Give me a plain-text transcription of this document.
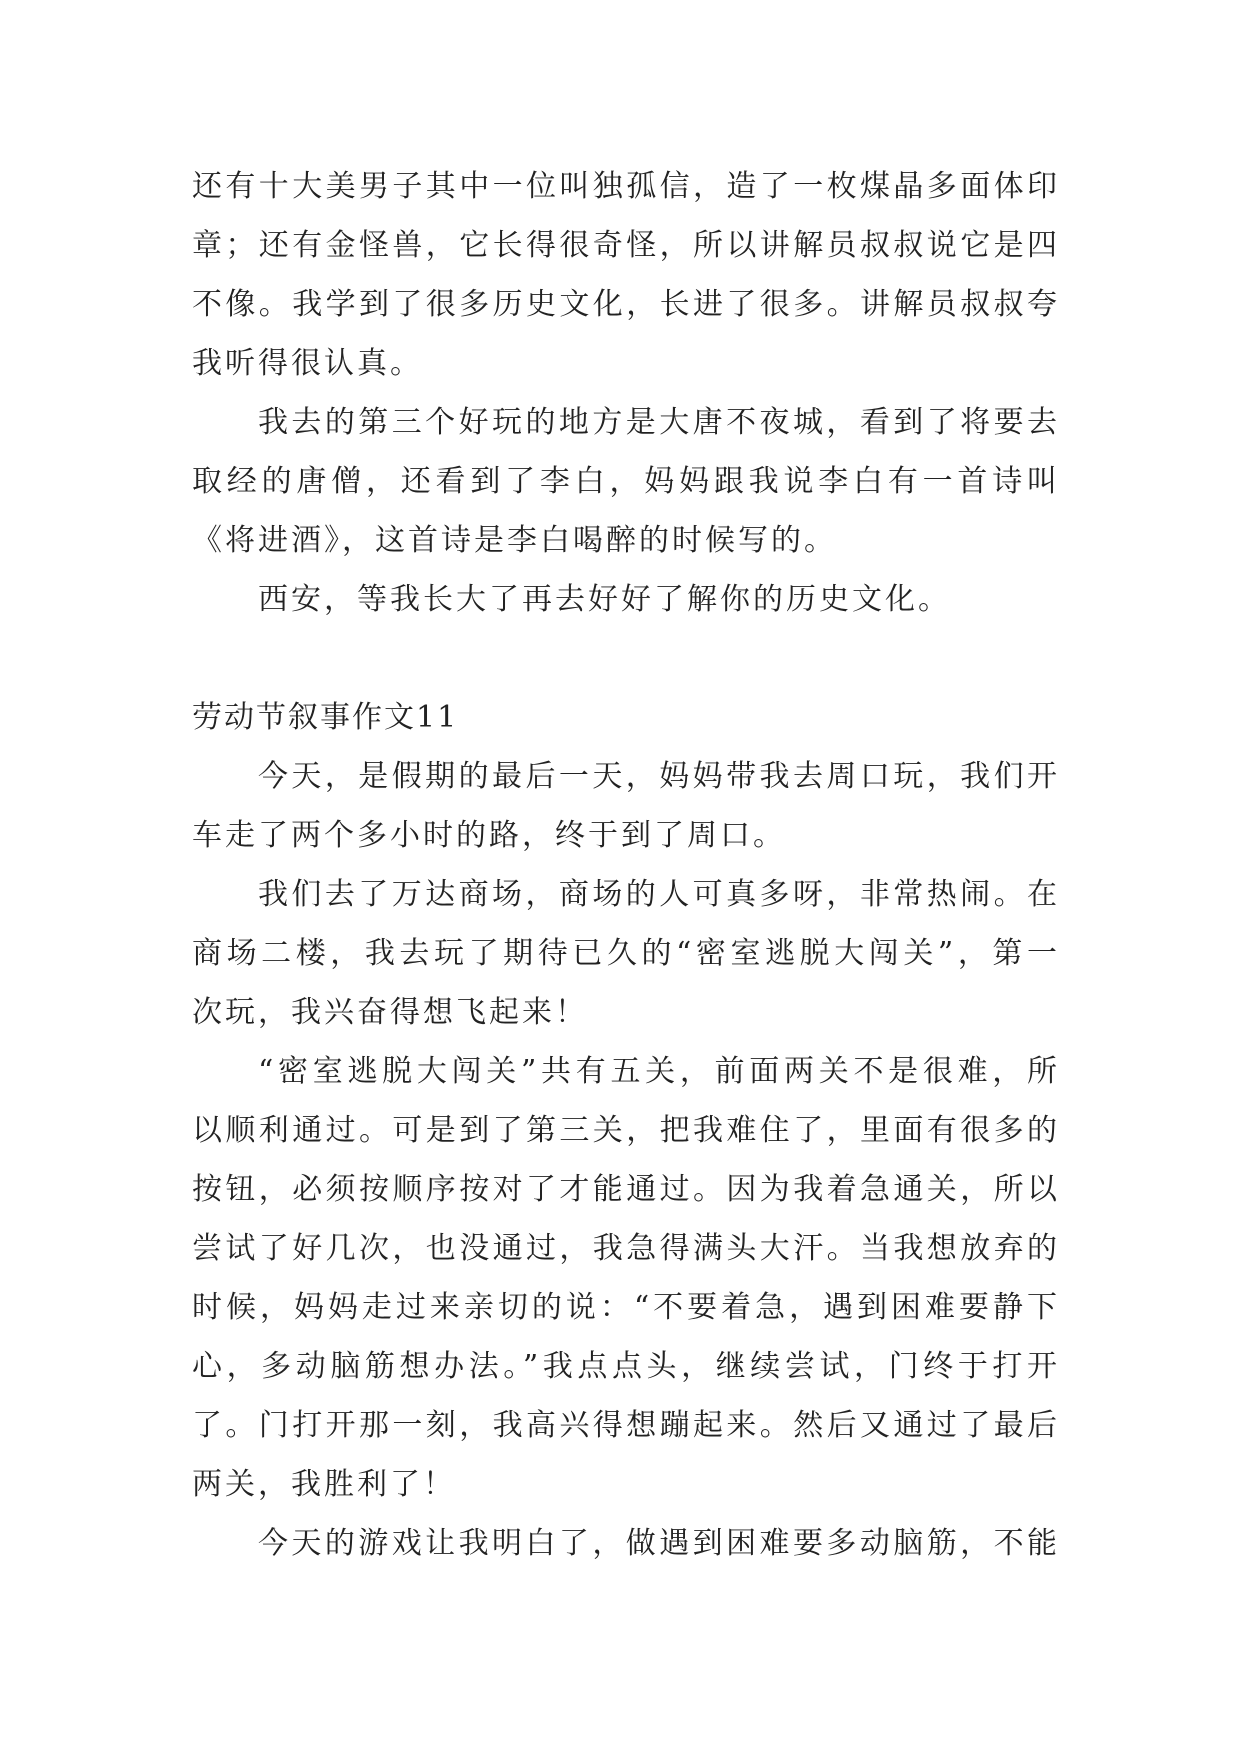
还有十大美男子其中一位叫独孤信，造了一枚煤晶多面体印
章；还有金怪兽，它长得很奇怪，所以讲解员叔叔说它是四
不像。我学到了很多历史文化，长进了很多。讲解员叔叔夸
我听得很认真。
我去的第三个好玩的地方是大唐不夜城，看到了将要去
取经的唐僧，还看到了李白，妈妈跟我说李白有一首诗叫
《将进酒》，这首诗是李白喝醉的时候写的。
西安，等我长大了再去好好了解你的历史文化。
劳动节叙事作文11
今天，是假期的最后一天，妈妈带我去周口玩，我们开
车走了两个多小时的路，终于到了周口。
我们去了万达商场，商场的人可真多呀，非常热闹。在
商场二楼，我去玩了期待已久的“密室逃脱大闯关”，第一
次玩，我兴奋得想飞起来！
“密室逃脱大闯关”共有五关，前面两关不是很难，所
以顺利通过。可是到了第三关，把我难住了，里面有很多的
按钮，必须按顺序按对了才能通过。因为我着急通关，所以
尝试了好几次，也没通过，我急得满头大汗。当我想放弃的
时候，妈妈走过来亲切的说：“不要着急，遇到困难要静下
心，多动脑筋想办法。”我点点头，继续尝试，门终于打开
了。门打开那一刻，我高兴得想蹦起来。然后又通过了最后
两关，我胜利了！
今天的游戏让我明白了，做遇到困难要多动脑筋，不能
